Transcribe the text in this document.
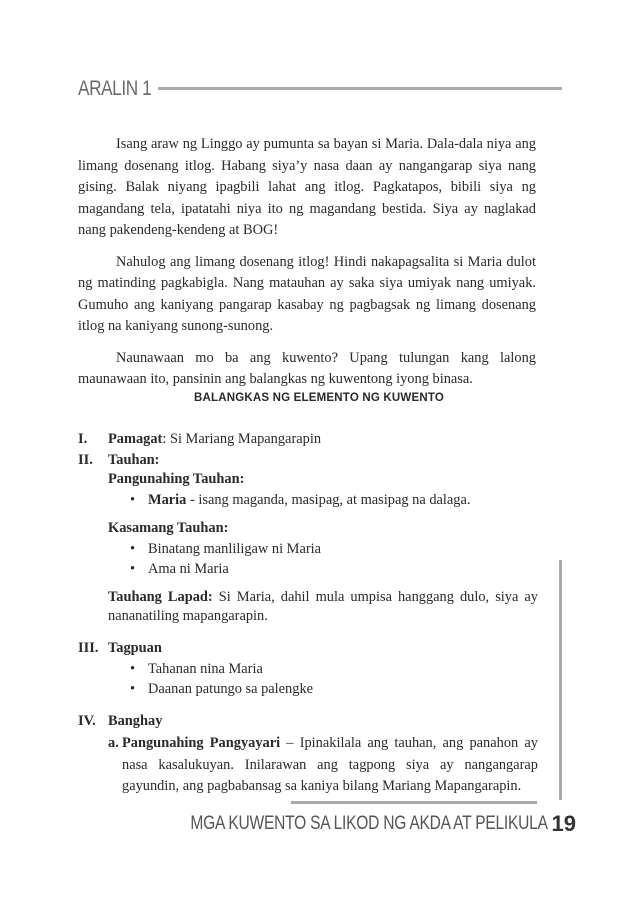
ARALIN 1

Isang araw ng Linggo ay pumunta sa bayan si Maria. Dala-dala niya ang limang dosenang itlog. Habang siya’y nasa daan ay nangangarap siya nang gising. Balak niyang ipagbili lahat ang itlog. Pagkatapos, bibili siya ng magandang tela, ipatatahi niya ito ng magandang bestida. Siya ay naglakad nang pakendeng-kendeng at BOG!

Nahulog ang limang dosenang itlog! Hindi nakapagsalita si Maria dulot ng matinding pagkabigla. Nang matauhan ay saka siya umiyak nang umiyak. Gumuho ang kaniyang pangarap kasabay ng pagbagsak ng limang dosenang itlog na kaniyang sunong-sunong.

Naunawaan mo ba ang kuwento? Upang tulungan kang lalong maunawaan ito, pansinin ang balangkas ng kuwentong iyong binasa.

BALANGKAS NG ELEMENTO NG KUWENTO
I. Pamagat: Si Mariang Mapangarapin
II. Tauhan:
Pangunahing Tauhan:
• Maria - isang maganda, masipag, at masipag na dalaga.
Kasamang Tauhan:
• Binatang manliligaw ni Maria
• Ama ni Maria
Tauhang Lapad: Si Maria, dahil mula umpisa hanggang dulo, siya ay nananatiling mapangarapin.
III. Tagpuan
• Tahanan nina Maria
• Daanan patungo sa palengke
IV. Banghay
a. Pangunahing Pangyayari – Ipinakilala ang tauhan, ang panahon ay nasa kasalukuyan. Inilarawan ang tagpong siya ay nangangarap gayundin, ang pagbabansag sa kaniya bilang Mariang Mapangarapin.
MGA KUWENTO SA LIKOD NG AKDA AT PELIKULA 19
